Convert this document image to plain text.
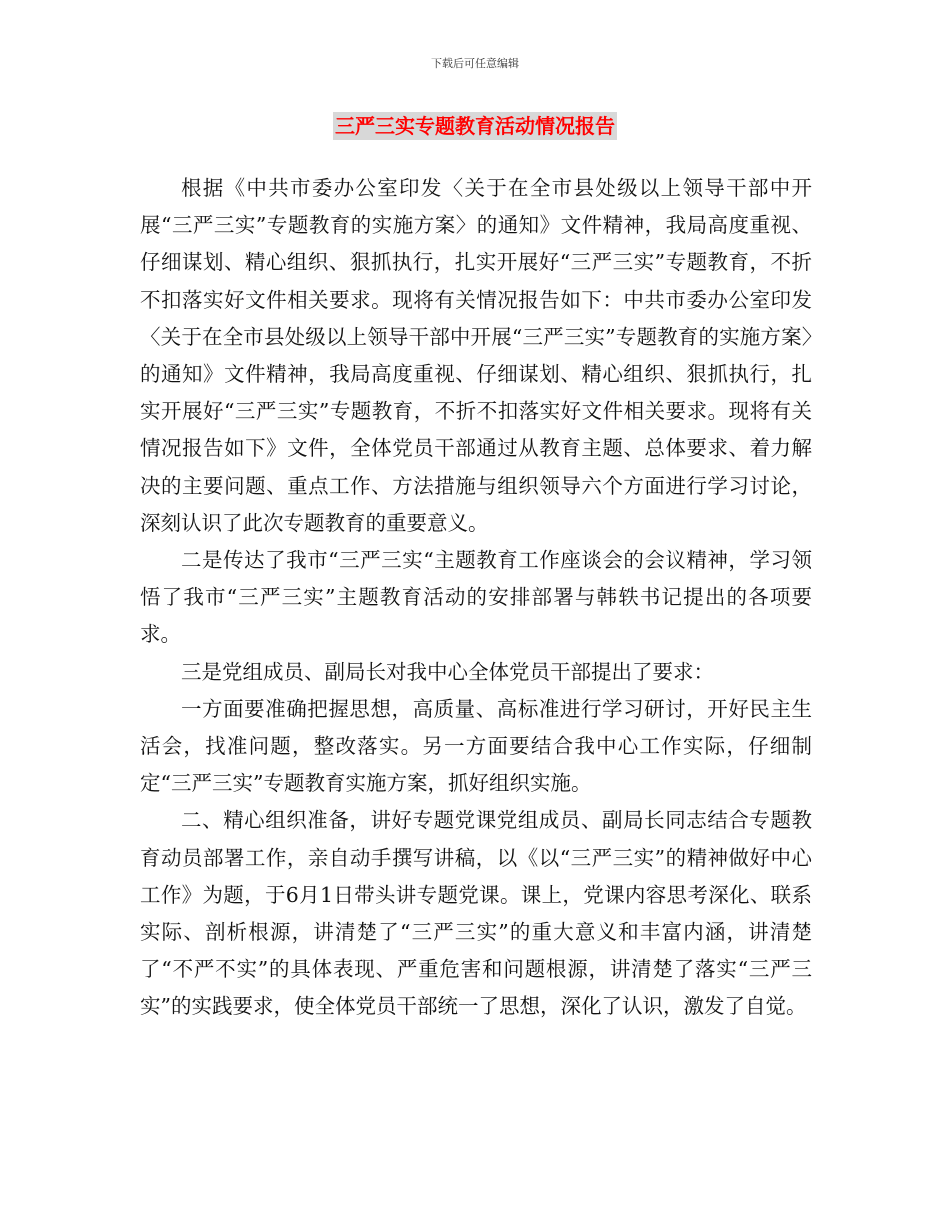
下载后可任意编辑
三严三实专题教育活动情况报告

根据《中共市委办公室印发〈关于在全市县处级以上领导干部中开展“三严三实”专题教育的实施方案〉的通知》文件精神，我局高度重视、仔细谋划、精心组织、狠抓执行，扎实开展好“三严三实”专题教育，不折不扣落实好文件相关要求。现将有关情况报告如下：中共市委办公室印发〈关于在全市县处级以上领导干部中开展“三严三实”专题教育的实施方案〉的通知》文件精神，我局高度重视、仔细谋划、精心组织、狠抓执行，扎实开展好“三严三实”专题教育，不折不扣落实好文件相关要求。现将有关情况报告如下》文件，全体党员干部通过从教育主题、总体要求、着力解决的主要问题、重点工作、方法措施与组织领导六个方面进行学习讨论，深刻认识了此次专题教育的重要意义。

二是传达了我市“三严三实“主题教育工作座谈会的会议精神，学习领悟了我市“三严三实”主题教育活动的安排部署与韩轶书记提出的各项要求。

三是党组成员、副局长对我中心全体党员干部提出了要求：

一方面要准确把握思想，高质量、高标准进行学习研讨，开好民主生活会，找准问题，整改落实。另一方面要结合我中心工作实际，仔细制定“三严三实”专题教育实施方案，抓好组织实施。

二、精心组织准备，讲好专题党课党组成员、副局长同志结合专题教育动员部署工作，亲自动手撰写讲稿，以《以“三严三实”的精神做好中心工作》为题，于6月1日带头讲专题党课。课上，党课内容思考深化、联系实际、剖析根源，讲清楚了“三严三实”的重大意义和丰富内涵，讲清楚了“不严不实”的具体表现、严重危害和问题根源，讲清楚了落实“三严三实”的实践要求，使全体党员干部统一了思想，深化了认识，激发了自觉。
